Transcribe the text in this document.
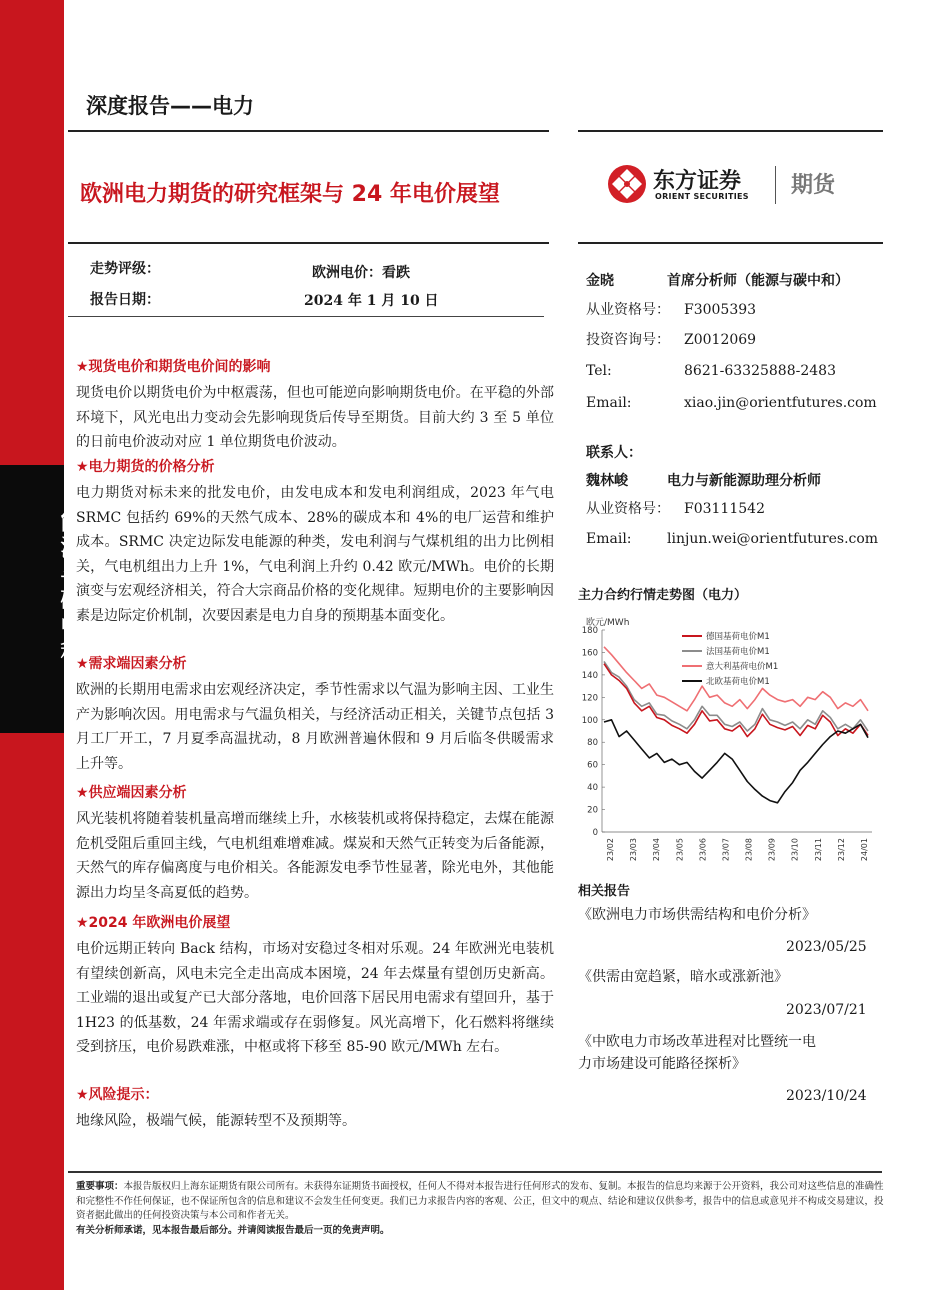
能源与碳中和
深度报告——电力
欧洲电力期货的研究框架与 24 年电价展望
东方证券
ORIENT SECURITIES 期货
走势评级：	欧洲电价：看跌
报告日期：	2024 年 1 月 10 日

★现货电价和期货电价间的影响

现货电价以期货电价为中枢震荡，但也可能逆向影响期货电价。在平稳的外部环境下，风光电出力变动会先影响现货后传导至期货。目前大约 3 至 5 单位的日前电价波动对应 1 单位期货电价波动。

★电力期货的价格分析

电力期货对标未来的批发电价，由发电成本和发电利润组成，2023 年气电 SRMC 包括约 69%的天然气成本、28%的碳成本和 4%的电厂运营和维护成本。SRMC 决定边际发电能源的种类，发电利润与气煤机组的出力比例相关，气电机组出力上升 1%，气电利润上升约 0.42 欧元/MWh。电价的长期演变与宏观经济相关，符合大宗商品价格的变化规律。短期电价的主要影响因素是边际定价机制，次要因素是电力自身的预期基本面变化。

★需求端因素分析

欧洲的长期用电需求由宏观经济决定，季节性需求以气温为影响主因、工业生产为影响次因。用电需求与气温负相关，与经济活动正相关，关键节点包括 3 月工厂开工，7 月夏季高温扰动，8 月欧洲普遍休假和 9 月后临冬供暖需求上升等。

★供应端因素分析

风光装机将随着装机量高增而继续上升，水核装机或将保持稳定，去煤在能源危机受阻后重回主线，气电机组难增难减。煤炭和天然气正转变为后备能源，天然气的库存偏离度与电价相关。各能源发电季节性显著，除光电外，其他能源出力均呈冬高夏低的趋势。

★2024 年欧洲电价展望

电价远期正转向 Back 结构，市场对安稳过冬相对乐观。24 年欧洲光电装机有望续创新高，风电未完全走出高成本困境，24 年去煤量有望创历史新高。工业端的退出或复产已大部分落地，电价回落下居民用电需求有望回升，基于 1H23 的低基数，24 年需求端或存在弱修复。风光高增下，化石燃料将继续受到挤压，电价易跌难涨，中枢或将下移至 85-90 欧元/MWh 左右。

★风险提示：

地缘风险，极端气候，能源转型不及预期等。

金晓	首席分析师（能源与碳中和）
从业资格号： F3005393
投资咨询号： Z0012069
Tel:	8621-63325888-2483
Email:	xiao.jin@orientfutures.com
联系人：
魏林峻	电力与新能源助理分析师
从业资格号： F03111542
Email:	linjun.wei@orientfutures.com
主力合约行情走势图（电力）
欧元/MWh
0
20
40
60
80
100
120
140
160
180
23/02 23/03 23/04 23/05 23/06 23/07 23/08 23/09 23/10 23/11 23/12 24/01
德国基荷电价M1
法国基荷电价M1
意大利基荷电价M1
北欧基荷电价M1
相关报告
《欧洲电力市场供需结构和电价分析》
2023/05/25
《供需由宽趋紧，暗水或涨新池》
2023/07/21
《中欧电力市场改革进程对比暨统一电
力市场建设可能路径探析》
2023/10/24
重要事项：本报告版权归上海东证期货有限公司所有。未获得东证期货书面授权，任何人不得对本报告进行任何形式的发布、复制。本报告的信息均来源于公开资料，我公司对这些信息的准确性和完整性不作任何保证，也不保证所包含的信息和建议不会发生任何变更。我们已力求报告内容的客观、公正，但文中的观点、结论和建议仅供参考，报告中的信息或意见并不构成交易建议，投资者据此做出的任何投资决策与本公司和作者无关。
有关分析师承诺，见本报告最后部分。并请阅读报告最后一页的免责声明。
